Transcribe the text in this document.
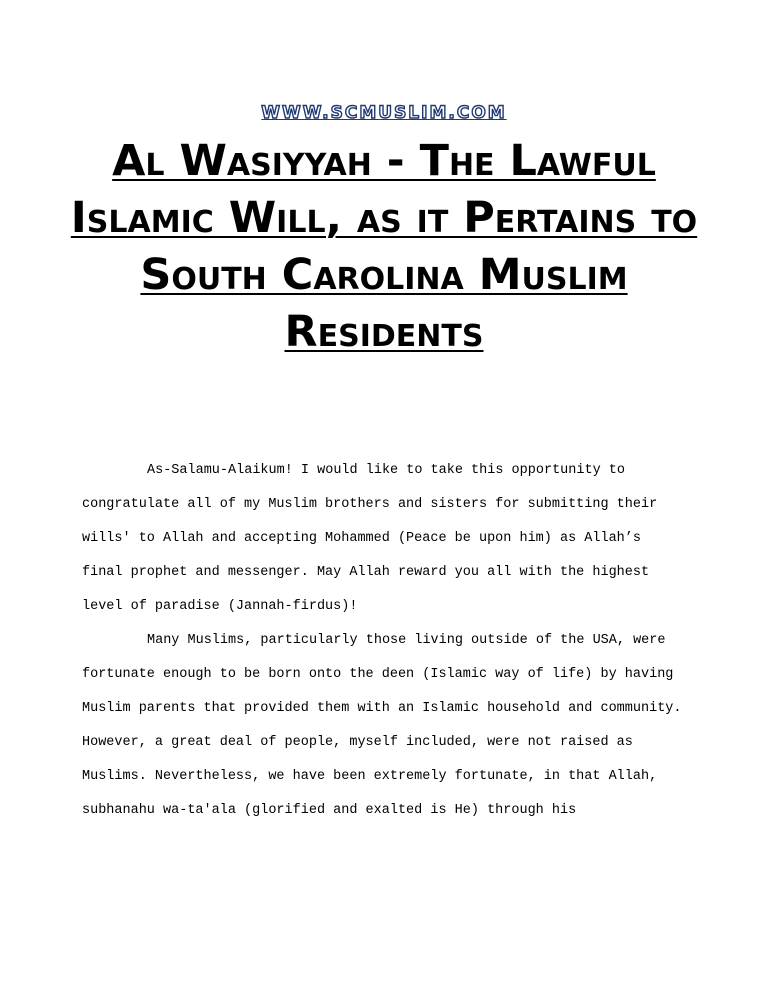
WWW.SCMUSLIM.COM
Al Wasiyyah - The Lawful Islamic Will, as it Pertains to South Carolina Muslim Residents

As-Salamu-Alaikum! I would like to take this opportunity to congratulate all of my Muslim brothers and sisters for submitting their wills' to Allah and accepting Mohammed (Peace be upon him) as Allah’s final prophet and messenger. May Allah reward you all with the highest level of paradise (Jannah-firdus)!

Many Muslims, particularly those living outside of the USA, were fortunate enough to be born onto the deen (Islamic way of life) by having Muslim parents that provided them with an Islamic household and community. However, a great deal of people, myself included, were not raised as Muslims. Nevertheless, we have been extremely fortunate, in that Allah, subhanahu wa-ta'ala (glorified and exalted is He) through his
